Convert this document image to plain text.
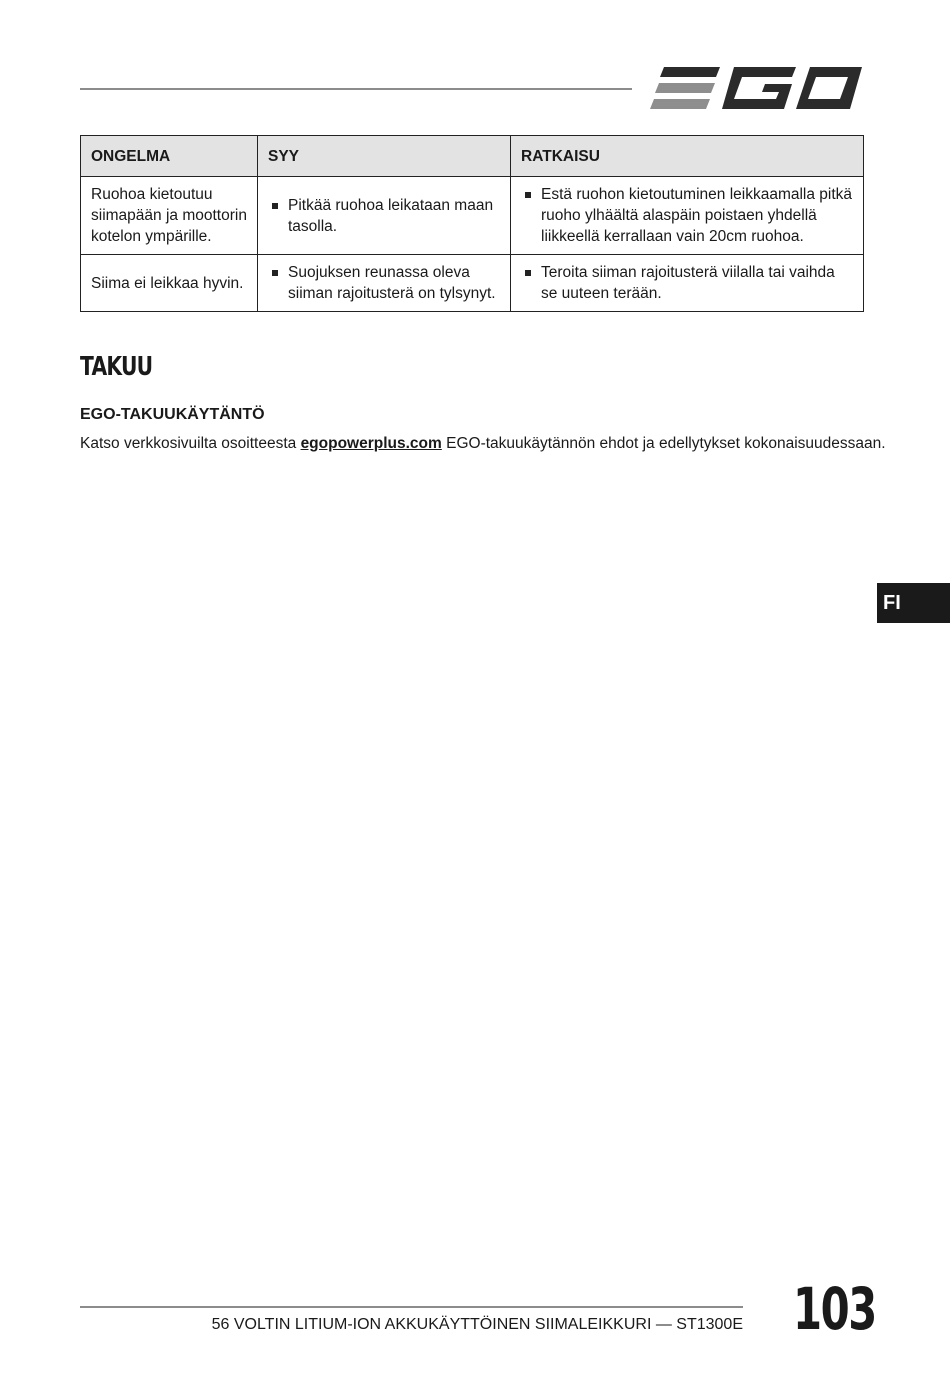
ONGELMA	SYY	RATKAISU
Ruohoa kietoutuu siimapään ja moottorin kotelon ympärille.	Pitkää ruohoa leikataan maan tasolla.	Estä ruohon kietoutuminen leikkaamalla pitkä ruoho ylhäältä alaspäin poistaen yhdellä liikkeellä kerrallaan vain 20cm ruohoa.

Siima ei leikkaa hyvin.	Suojuksen reunassa oleva siiman rajoitusterä on tylsynyt.	Teroita siiman rajoitusterä viilalla tai vaihda se uuteen terään.
TAKUU
EGO-TAKUUKÄYTÄNTÖ
Katso verkkosivuilta osoitteesta egopowerplus.com EGO-takuukäytännön ehdot ja edellytykset kokonaisuudessaan.
FI
56 VOLTIN LITIUM-ION AKKUKÄYTTÖINEN SIIMALEIKKURI — ST1300E 103
